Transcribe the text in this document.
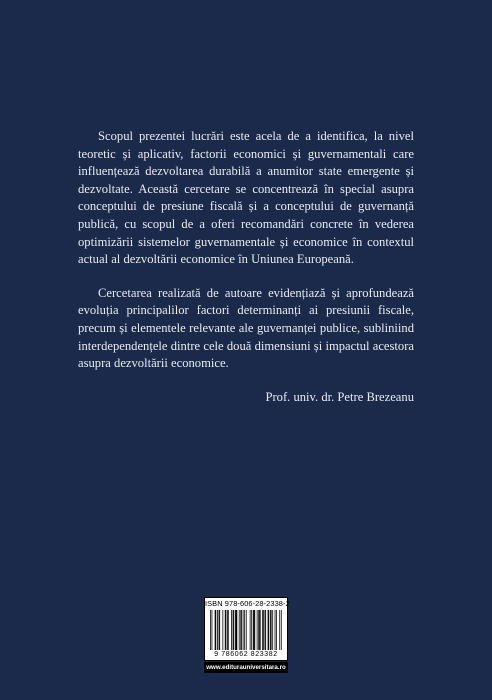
Scopul prezentei lucrări este acela de a identifica, la nivel teoretic și aplicativ, factorii economici și guvernamentali care influențează dezvoltarea durabilă a anumitor state emergente și dezvoltate. Această cercetare se concentrează în special asupra conceptului de presiune fiscală și a conceptului de guvernanță publică, cu scopul de a oferi recomandări concrete în vederea optimizării sistemelor guvernamentale și economice în contextul actual al dezvoltării economice în Uniunea Europeană.

Cercetarea realizată de autoare evidențiază și aprofundează evoluția principalilor factori determinanți ai presiunii fiscale, precum și elementele relevante ale guvernanței publice, subliniind interdependențele dintre cele două dimensiuni și impactul acestora asupra dezvoltării economice.

Prof. univ. dr. Petre Brezeanu
ISBN 978-606-28-2338-2
9 786062 823382
www.editurauniversitara.ro
